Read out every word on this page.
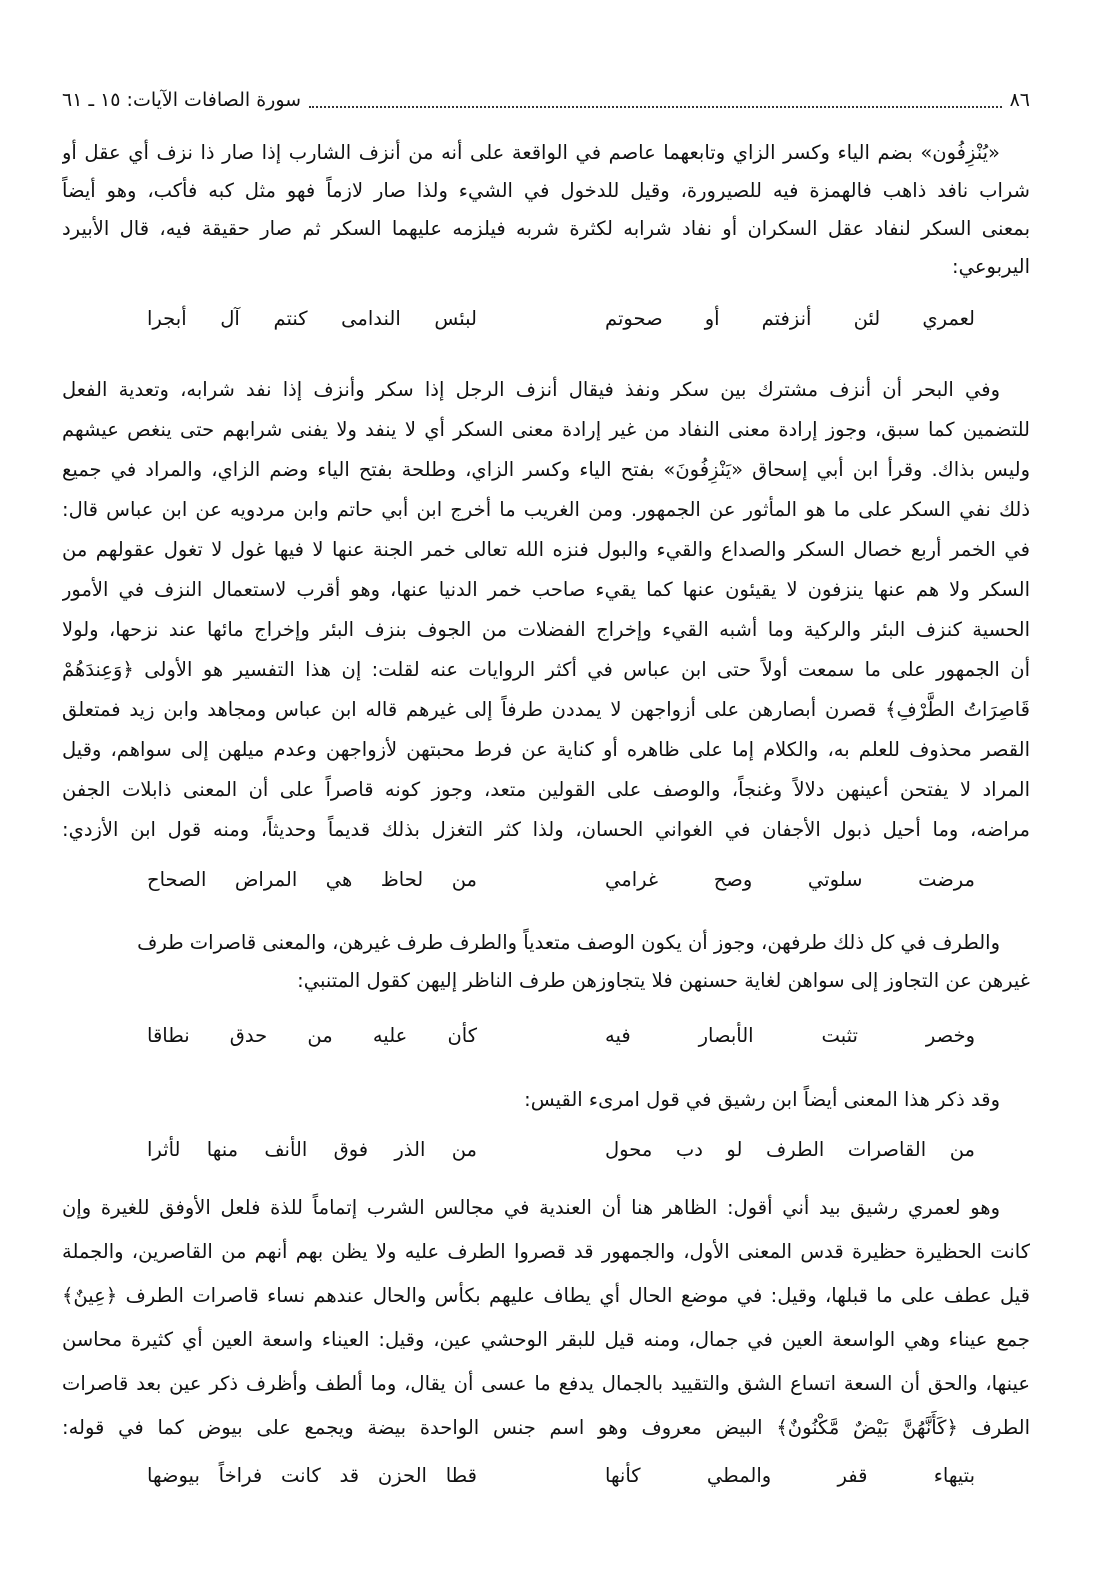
٨٦
سورة الصافات الآيات: ١٥ ـ ٦١
«يُنْزِفُون» بضم الياء وكسر الزاي وتابعهما عاصم في الواقعة على أنه من أنزف الشارب إذا صار ذا نزف أي عقل أو
شراب نافد ذاهب فالهمزة فيه للصيرورة، وقيل للدخول في الشيء ولذا صار لازماً فهو مثل كبه فأكب، وهو أيضاً
بمعنى السكر لنفاد عقل السكران أو نفاد شرابه لكثرة شربه فيلزمه عليهما السكر ثم صار حقيقة فيه، قال الأبيرد
اليربوعي:
لعمري لئن أنزفتم أو صحوتم
لبئس الندامى كنتم آل أبجرا
وفي البحر أن أنزف مشترك بين سكر ونفذ فيقال أنزف الرجل إذا سكر وأنزف إذا نفد شرابه، وتعدية الفعل
للتضمين كما سبق، وجوز إرادة معنى النفاد من غير إرادة معنى السكر أي لا ينفد ولا يفنى شرابهم حتى ينغص عيشهم
وليس بذاك. وقرأ ابن أبي إسحاق «يَنْزِفُونَ» بفتح الياء وكسر الزاي، وطلحة بفتح الياء وضم الزاي، والمراد في جميع
ذلك نفي السكر على ما هو المأثور عن الجمهور. ومن الغريب ما أخرج ابن أبي حاتم وابن مردويه عن ابن عباس قال:
في الخمر أربع خصال السكر والصداع والقيء والبول فنزه الله تعالى خمر الجنة عنها لا فيها غول لا تغول عقولهم من
السكر ولا هم عنها ينزفون لا يقيئون عنها كما يقيء صاحب خمر الدنيا عنها، وهو أقرب لاستعمال النزف في الأمور
الحسية كنزف البئر والركية وما أشبه القيء وإخراج الفضلات من الجوف بنزف البئر وإخراج مائها عند نزحها، ولولا
أن الجمهور على ما سمعت أولاً حتى ابن عباس في أكثر الروايات عنه لقلت: إن هذا التفسير هو الأولى ﴿وَعِندَهُمْ
قَاصِرَاتُ الطَّرْفِ﴾ قصرن أبصارهن على أزواجهن لا يمددن طرفاً إلى غيرهم قاله ابن عباس ومجاهد وابن زيد فمتعلق
القصر محذوف للعلم به، والكلام إما على ظاهره أو كناية عن فرط محبتهن لأزواجهن وعدم ميلهن إلى سواهم، وقيل
المراد لا يفتحن أعينهن دلالاً وغنجاً، والوصف على القولين متعد، وجوز كونه قاصراً على أن المعنى ذابلات الجفن
مراضه، وما أحيل ذبول الأجفان في الغواني الحسان، ولذا كثر التغزل بذلك قديماً وحديثاً، ومنه قول ابن الأزدي:
مرضت سلوتي وصح غرامي
من لحاظ هي المراض الصحاح
والطرف في كل ذلك طرفهن، وجوز أن يكون الوصف متعدياً والطرف طرف غيرهن، والمعنى قاصرات طرف
غيرهن عن التجاوز إلى سواهن لغاية حسنهن فلا يتجاوزهن طرف الناظر إليهن كقول المتنبي:
وخصر تثبت الأبصار فيه
كأن عليه من حدق نطاقا
وقد ذكر هذا المعنى أيضاً ابن رشيق في قول امرىء القيس:
من القاصرات الطرف لو دب محول
من الذر فوق الأنف منها لأثرا
وهو لعمري رشيق بيد أني أقول: الظاهر هنا أن العندية في مجالس الشرب إتماماً للذة فلعل الأوفق للغيرة وإن
كانت الحظيرة حظيرة قدس المعنى الأول، والجمهور قد قصروا الطرف عليه ولا يظن بهم أنهم من القاصرين، والجملة
قيل عطف على ما قبلها، وقيل: في موضع الحال أي يطاف عليهم بكأس والحال عندهم نساء قاصرات الطرف ﴿عِينٌ﴾
جمع عيناء وهي الواسعة العين في جمال، ومنه قيل للبقر الوحشي عين، وقيل: العيناء واسعة العين أي كثيرة محاسن
عينها، والحق أن السعة اتساع الشق والتقييد بالجمال يدفع ما عسى أن يقال، وما ألطف وأظرف ذكر عين بعد قاصرات
الطرف ﴿كَأَنَّهُنَّ بَيْضٌ مَّكْنُونٌ﴾ البيض معروف وهو اسم جنس الواحدة بيضة ويجمع على بيوض كما في قوله:
بتيهاء قفر والمطي كأنها
قطا الحزن قد كانت فراخاً بيوضها
